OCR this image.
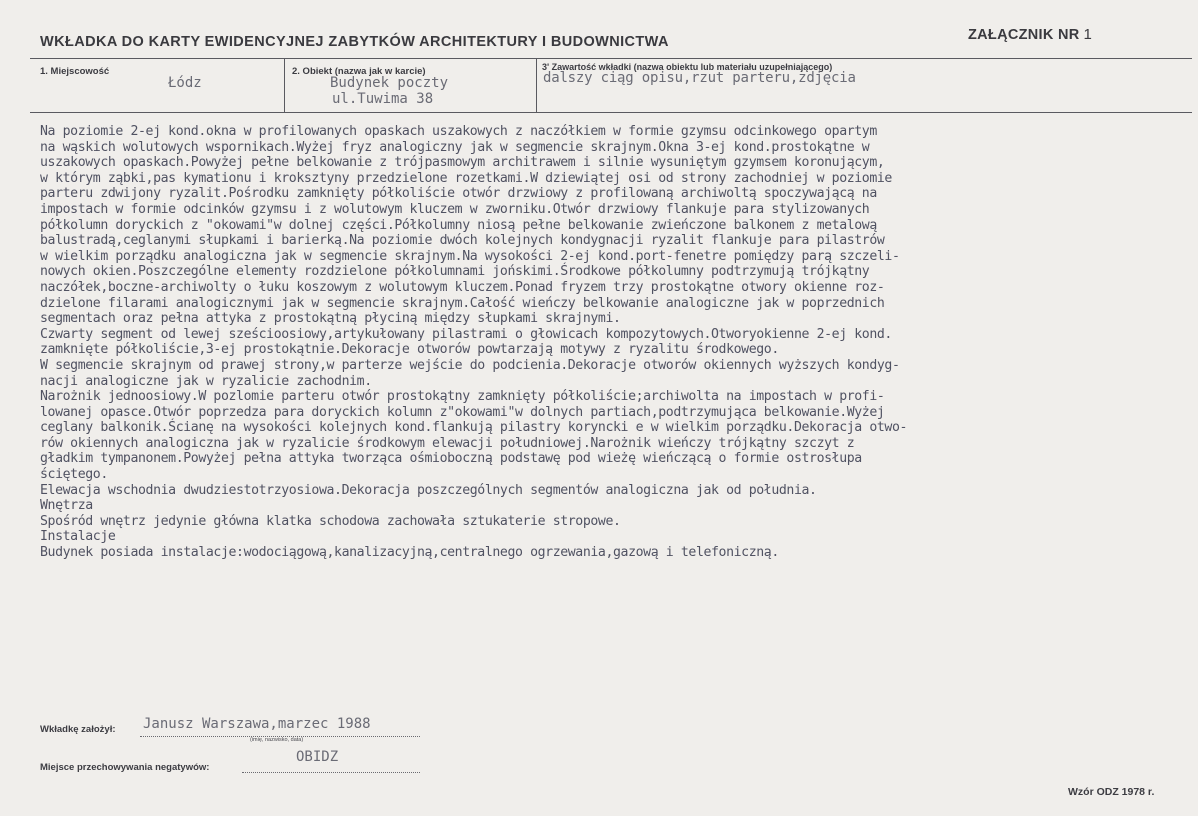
WKŁADKA DO KARTY EWIDENCYJNEJ ZABYTKÓW ARCHITEKTURY I BUDOWNICTWA	ZAŁĄCZNIK NR 1
1. Miejscowość
Łódz
2. Obiekt (nazwa jak w karcie)
Budynek poczty
ul.Tuwima 38
3' Zawartość wkładki (nazwa obiektu lub materiału uzupełniającego)
dalszy ciąg opisu,rzut parteru,zdjęcia
Na poziomie 2-ej kond.okna w profilowanych opaskach uszakowych z naczółkiem w formie gzymsu odcinkowego opartym
na wąskich wolutowych wspornikach.Wyżej fryz analogiczny jak w segmencie skrajnym.Okna 3-ej kond.prostokątne w
uszakowych opaskach.Powyżej pełne belkowanie z trójpasmowym architrawem i silnie wysuniętym gzymsem koronującym,
w którym ząbki,pas kymationu i kroksztyny przedzielone rozetkami.W dziewiątej osi od strony zachodniej w poziomie
parteru zdwijony ryzalit.Pośrodku zamknięty półkoliście otwór drzwiowy z profilowaną archiwoltą spoczywającą na
impostach w formie odcinków gzymsu i z wolutowym kluczem w zworniku.Otwór drzwiowy flankuje para stylizowanych
półkolumn doryckich z "okowami"w dolnej części.Półkolumny niosą pełne belkowanie zwieńczone balkonem z metalową
balustradą,ceglanymi słupkami i barierką.Na poziomie dwóch kolejnych kondygnacji ryzalit flankuje para pilastrów
w wielkim porządku analogiczna jak w segmencie skrajnym.Na wysokości 2-ej kond.port-fenetre pomiędzy parą szczeli-
nowych okien.Poszczególne elementy rozdzielone półkolumnami jońskimi.Środkowe półkolumny podtrzymują trójkątny
naczółek,boczne-archiwolty o łuku koszowym z wolutowym kluczem.Ponad fryzem trzy prostokątne otwory okienne roz-
dzielone filarami analogicznymi jak w segmencie skrajnym.Całość wieńczy belkowanie analogiczne jak w poprzednich
segmentach oraz pełna attyka z prostokątną płyciną między słupkami skrajnymi.
Czwarty segment od lewej sześcioosiowy,artykułowany pilastrami o głowicach kompozytowych.Otworyokienne 2-ej kond.
zamknięte półkoliście,3-ej prostokątnie.Dekoracje otworów powtarzają motywy z ryzalitu środkowego.
W segmencie skrajnym od prawej strony,w parterze wejście do podcienia.Dekoracje otworów okiennych wyższych kondyg-
nacji analogiczne jak w ryzalicie zachodnim.
Narożnik jednoosiowy.W pozlomie parteru otwór prostokątny zamknięty półkoliście;archiwolta na impostach w profi-
lowanej opasce.Otwór poprzedza para doryckich kolumn z"okowami"w dolnych partiach,podtrzymująca belkowanie.Wyżej
ceglany balkonik.Ścianę na wysokości kolejnych kond.flankują pilastry koryncki e w wielkim porządku.Dekoracja otwo-
rów okiennych analogiczna jak w ryzalicie środkowym elewacji południowej.Narożnik wieńczy trójkątny szczyt z
gładkim tympanonem.Powyżej pełna attyka tworząca ośmioboczną podstawę pod wieżę wieńczącą o formie ostrosłupa
ściętego.
Elewacja wschodnia dwudziestotrzyosiowa.Dekoracja poszczególnych segmentów analogiczna jak od południa.
Wnętrza
Spośród wnętrz jedynie główna klatka schodowa zachowała sztukaterie stropowe.
Instalacje
Budynek posiada instalacje:wodociągową,kanalizacyjną,centralnego ogrzewania,gazową i telefoniczną.
Wkładkę założył: Janusz Warszawa,marzec 1988
(imię, nazwisko, data)
Miejsce przechowywania negatywów:
OBIDZ
Wzór ODZ 1978 r.
